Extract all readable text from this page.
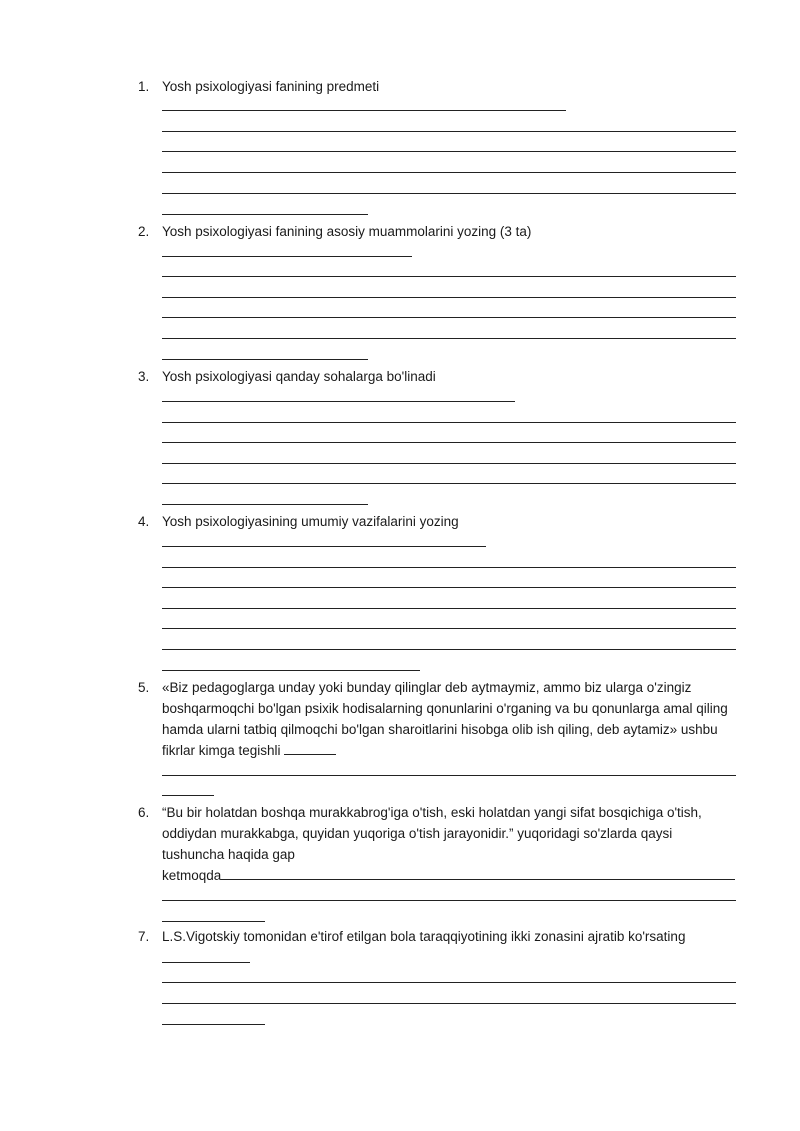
1. Yosh psixologiyasi fanining predmeti

2. Yosh psixologiyasi fanining asosiy muammolarini yozing (3 ta)

3. Yosh psixologiyasi qanday sohalarga bo'linadi

4. Yosh psixologiyasining umumiy vazifalarini yozing

5. «Biz pedagoglarga unday yoki bunday qilinglar deb aytmaymiz, ammo biz ularga o'zingiz boshqarmoqchi bo'lgan psixik hodisalarning qonunlarini o'rganing va bu qonunlarga amal qiling hamda ularni tatbiq qilmoqchi bo'lgan sharoitlarini hisobga olib ish qiling, deb aytamiz» ushbu fikrlar kimga tegishli

6. “Bu bir holatdan boshqa murakkabrog'iga o'tish, eski holatdan yangi sifat bosqichiga o'tish, oddiydan murakkabga, quyidan yuqoriga o'tish jarayonidir.” yuqoridagi so'zlarda qaysi tushuncha haqida gap

ketmoqda

7. L.S.Vigotskiy tomonidan e'tirof etilgan bola taraqqiyotining ikki zonasini ajratib ko'rsating
